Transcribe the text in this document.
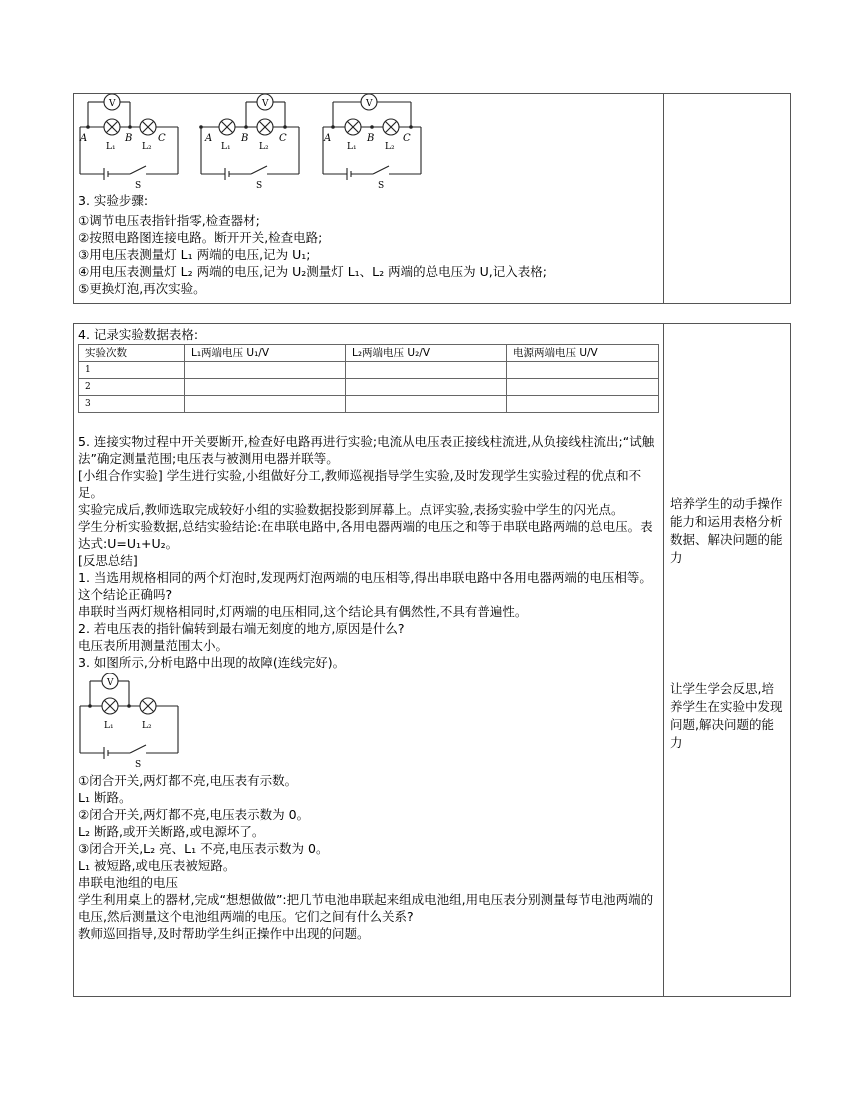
V
A	B	C
L₁	L₂
S
V
A	B	C
L₁	L₂
S
V
A	B	C
L₁	L₂
S
3. 实验步骤:
①调节电压表指针指零,检查器材;
②按照电路图连接电路。断开开关,检查电路;
③用电压表测量灯 L₁ 两端的电压,记为 U₁;
④用电压表测量灯 L₂ 两端的电压,记为 U₂测量灯 L₁、L₂ 两端的总电压为 U,记入表格;
⑤更换灯泡,再次实验。
4. 记录实验数据表格:
实验次数	L₁两端电压 U₁/V	L₂两端电压 U₂/V	电源两端电压 U/V
1			
2			
3			
5. 连接实物过程中开关要断开,检查好电路再进行实验;电流从电压表正接线柱流进,从负接线柱流出;“试触法”确定测量范围;电压表与被测用电器并联等。
[小组合作实验] 学生进行实验,小组做好分工,教师巡视指导学生实验,及时发现学生实验过程的优点和不足。
实验完成后,教师选取完成较好小组的实验数据投影到屏幕上。点评实验,表扬实验中学生的闪光点。
学生分析实验数据,总结实验结论:在串联电路中,各用电器两端的电压之和等于串联电路两端的总电压。表达式:U=U₁+U₂。
[反思总结]
1. 当选用规格相同的两个灯泡时,发现两灯泡两端的电压相等,得出串联电路中各用电器两端的电压相等。这个结论正确吗?
串联时当两灯规格相同时,灯两端的电压相同,这个结论具有偶然性,不具有普遍性。
2. 若电压表的指针偏转到最右端无刻度的地方,原因是什么?
电压表所用测量范围太小。
3. 如图所示,分析电路中出现的故障(连线完好)。
V
L₁	L₂
S
①闭合开关,两灯都不亮,电压表有示数。
L₁ 断路。
②闭合开关,两灯都不亮,电压表示数为 0。
L₂ 断路,或开关断路,或电源坏了。
③闭合开关,L₂ 亮、L₁ 不亮,电压表示数为 0。
L₁ 被短路,或电压表被短路。
串联电池组的电压
学生利用桌上的器材,完成“想想做做”:把几节电池串联起来组成电池组,用电压表分别测量每节电池两端的电压,然后测量这个电池组两端的电压。它们之间有什么关系?
教师巡回指导,及时帮助学生纠正操作中出现的问题。
培养学生的动手操作能力和运用表格分析数据、解决问题的能力
让学生学会反思,培养学生在实验中发现问题,解决问题的能力
